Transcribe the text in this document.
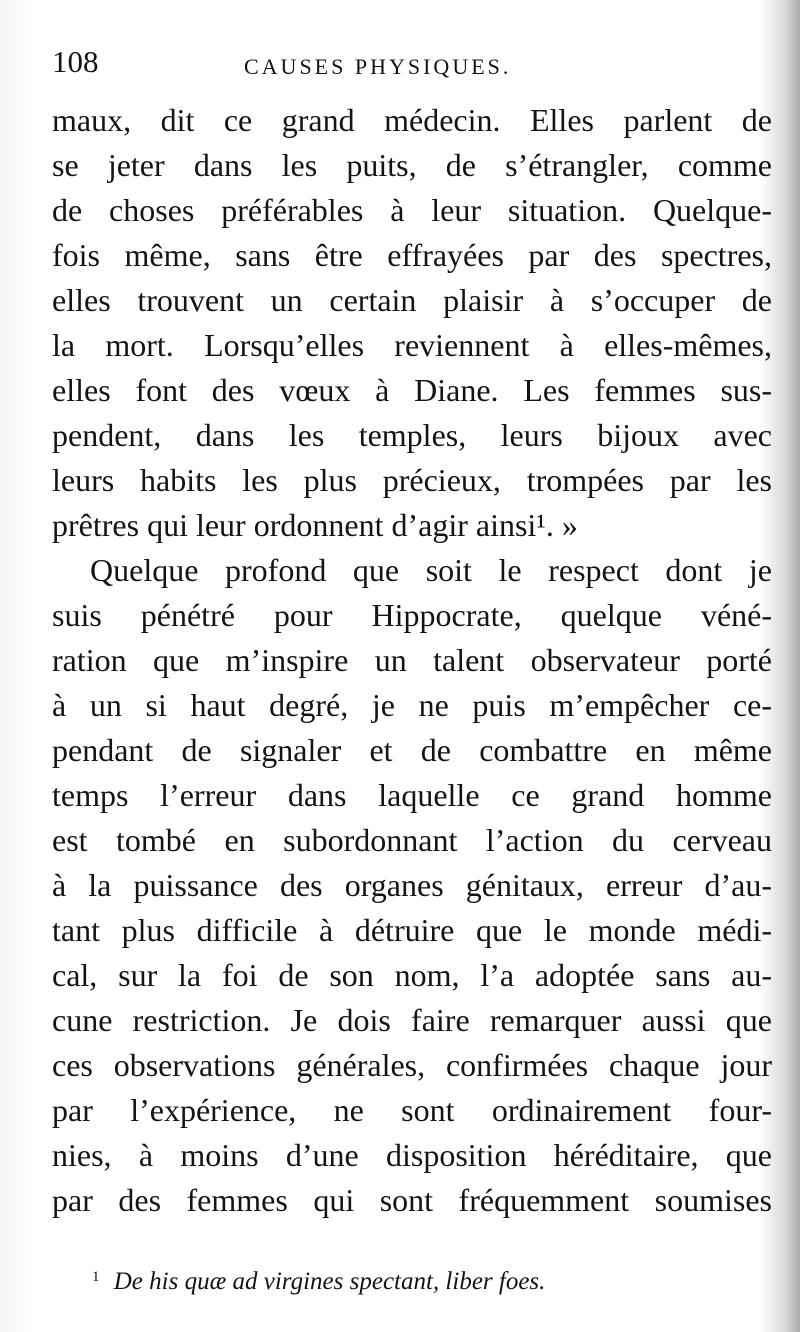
108	CAUSES PHYSIQUES.
maux, dit ce grand médecin. Elles parlent de
se jeter dans les puits, de s’étrangler, comme
de choses préférables à leur situation. Quelque-
fois même, sans être effrayées par des spectres,
elles trouvent un certain plaisir à s’occuper de
la mort. Lorsqu’elles reviennent à elles-mêmes,
elles font des vœux à Diane. Les femmes sus-
pendent, dans les temples, leurs bijoux avec
leurs habits les plus précieux, trompées par les
prêtres qui leur ordonnent d’agir ainsi¹. »
Quelque profond que soit le respect dont je
suis pénétré pour Hippocrate, quelque véné-
ration que m’inspire un talent observateur porté
à un si haut degré, je ne puis m’empêcher ce-
pendant de signaler et de combattre en même
temps l’erreur dans laquelle ce grand homme
est tombé en subordonnant l’action du cerveau
à la puissance des organes génitaux, erreur d’au-
tant plus difficile à détruire que le monde médi-
cal, sur la foi de son nom, l’a adoptée sans au-
cune restriction. Je dois faire remarquer aussi que
ces observations générales, confirmées chaque jour
par l’expérience, ne sont ordinairement four-
nies, à moins d’une disposition héréditaire, que
par des femmes qui sont fréquemment soumises
$^1$ De his quæ ad virgines spectant, liber foes.
